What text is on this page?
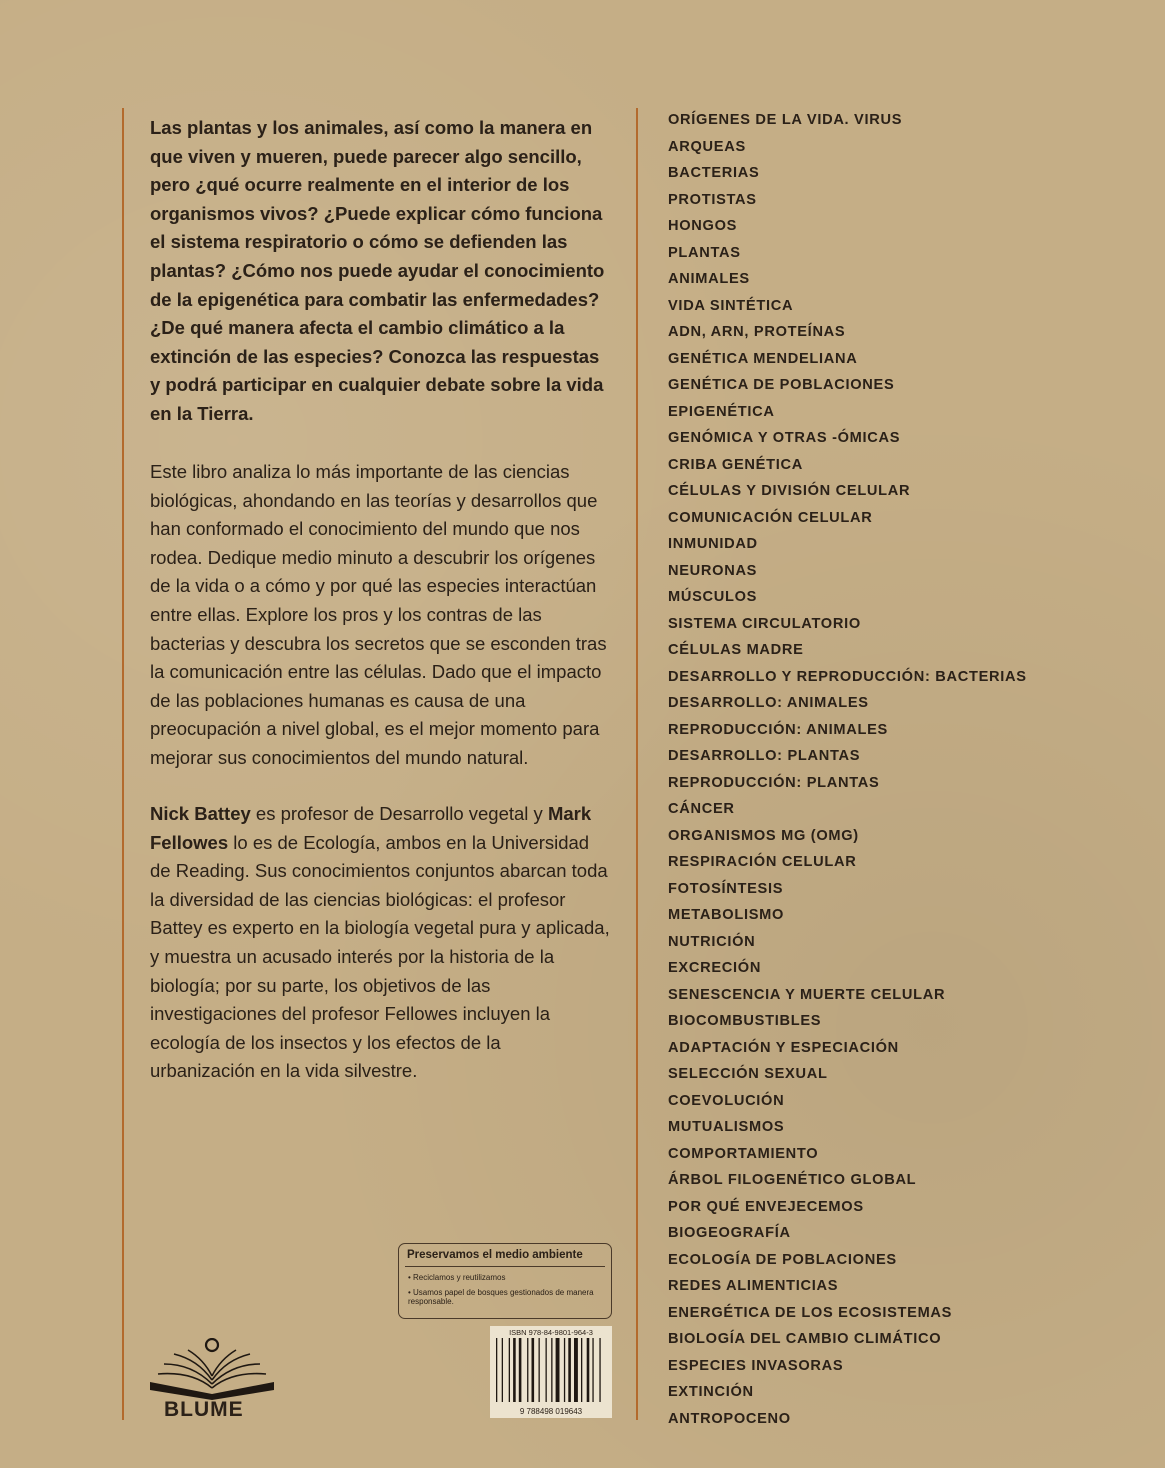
Las plantas y los animales, así como la manera en que viven y mueren, puede parecer algo sencillo, pero ¿qué ocurre realmente en el interior de los organismos vivos? ¿Puede explicar cómo funciona el sistema respiratorio o cómo se defienden las plantas? ¿Cómo nos puede ayudar el conocimiento de la epigenética para combatir las enfermedades? ¿De qué manera afecta el cambio climático a la extinción de las especies? Conozca las respuestas y podrá participar en cualquier debate sobre la vida en la Tierra.

Este libro analiza lo más importante de las ciencias biológicas, ahondando en las teorías y desarrollos que han conformado el conocimiento del mundo que nos rodea. Dedique medio minuto a descubrir los orígenes de la vida o a cómo y por qué las especies interactúan entre ellas. Explore los pros y los contras de las bacterias y descubra los secretos que se esconden tras la comunicación entre las células. Dado que el impacto de las poblaciones humanas es causa de una preocupación a nivel global, es el mejor momento para mejorar sus conocimientos del mundo natural.

Nick Battey es profesor de Desarrollo vegetal y Mark Fellowes lo es de Ecología, ambos en la Universidad de Reading. Sus conocimientos conjuntos abarcan toda la diversidad de las ciencias biológicas: el profesor Battey es experto en la biología vegetal pura y aplicada, y muestra un acusado interés por la historia de la biología; por su parte, los objetivos de las investigaciones del profesor Fellowes incluyen la ecología de los insectos y los efectos de la urbanización en la vida silvestre.

ORÍGENES DE LA VIDA. VIRUS
ARQUEAS
BACTERIAS
PROTISTAS
HONGOS
PLANTAS
ANIMALES
VIDA SINTÉTICA
ADN, ARN, PROTEÍNAS
GENÉTICA MENDELIANA
GENÉTICA DE POBLACIONES
EPIGENÉTICA
GENÓMICA Y OTRAS -ÓMICAS
CRIBA GENÉTICA
CÉLULAS Y DIVISIÓN CELULAR
COMUNICACIÓN CELULAR
INMUNIDAD
NEURONAS
MÚSCULOS
SISTEMA CIRCULATORIO
CÉLULAS MADRE
DESARROLLO Y REPRODUCCIÓN: BACTERIAS
DESARROLLO: ANIMALES
REPRODUCCIÓN: ANIMALES
DESARROLLO: PLANTAS
REPRODUCCIÓN: PLANTAS
CÁNCER
ORGANISMOS MG (OMG)
RESPIRACIÓN CELULAR
FOTOSÍNTESIS
METABOLISMO
NUTRICIÓN
EXCRECIÓN
SENESCENCIA Y MUERTE CELULAR
BIOCOMBUSTIBLES
ADAPTACIÓN Y ESPECIACIÓN
SELECCIÓN SEXUAL
COEVOLUCIÓN
MUTUALISMOS
COMPORTAMIENTO
ÁRBOL FILOGENÉTICO GLOBAL
POR QUÉ ENVEJECEMOS
BIOGEOGRAFÍA
ECOLOGÍA DE POBLACIONES
REDES ALIMENTICIAS
ENERGÉTICA DE LOS ECOSISTEMAS
BIOLOGÍA DEL CAMBIO CLIMÁTICO
ESPECIES INVASORAS
EXTINCIÓN
ANTROPOCENO
Preservamos el medio ambiente
• Reciclamos y reutilizamos
• Usamos papel de bosques gestionados de manera responsable.
ISBN 978-84-9801-964-3
9 788498 019643
BLUME
